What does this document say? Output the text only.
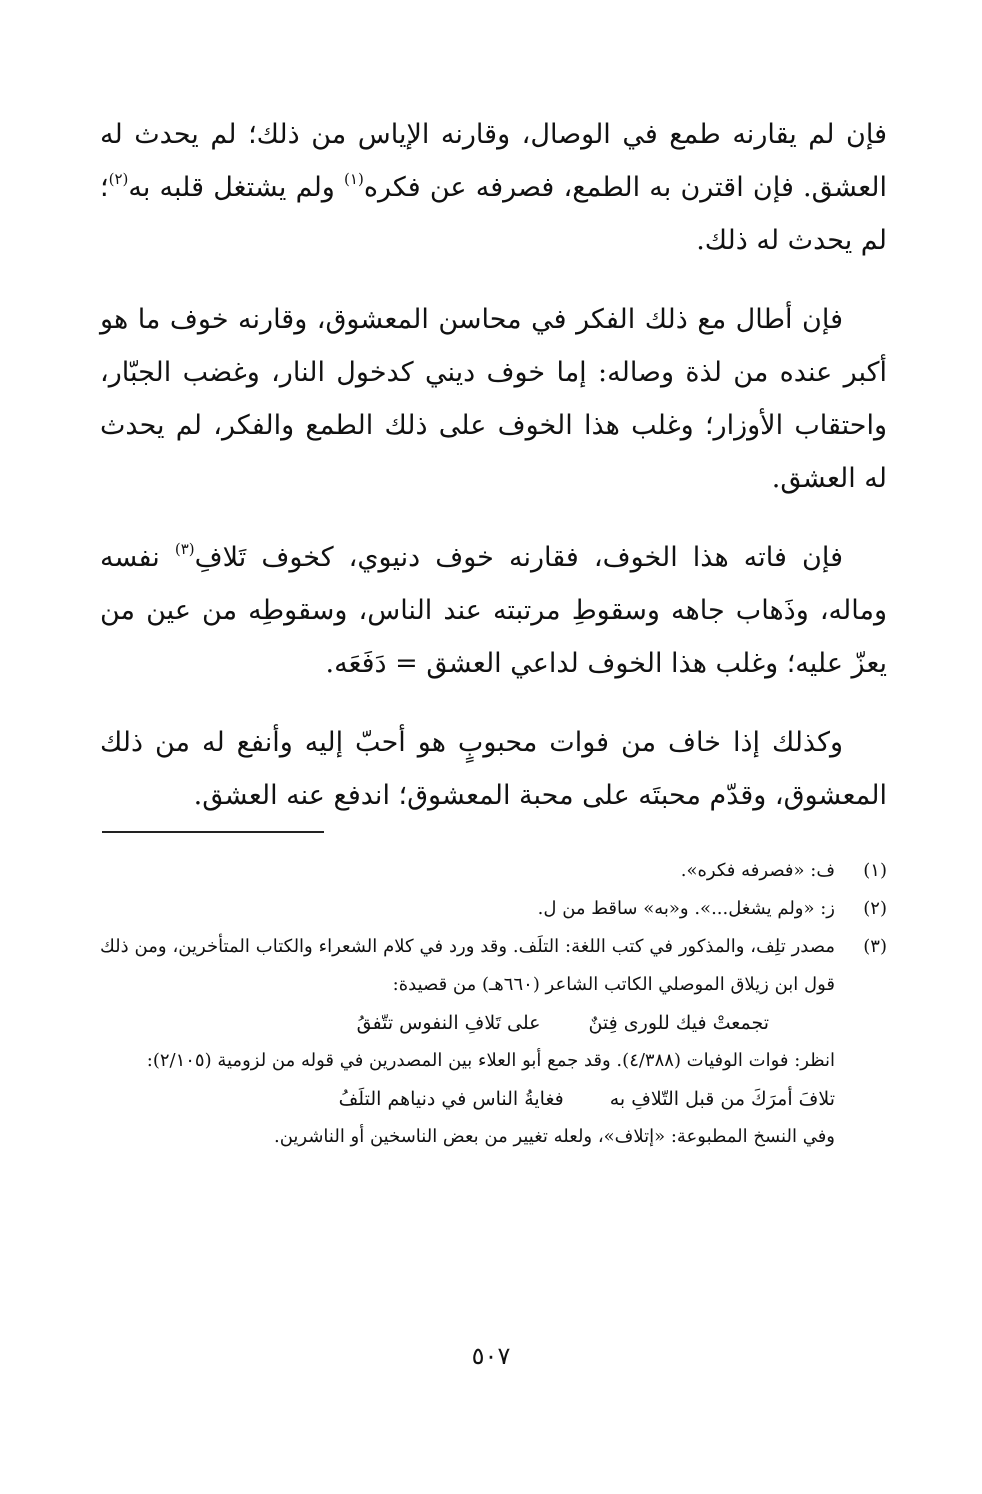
فإن لم يقارنه طمع في الوصال، وقارنه الإياس من ذلك؛ لم يحدث له العشق. فإن اقترن به الطمع، فصرفه عن فكره$^{(١)}$ ولم يشتغل قلبه به$^{(٢)}$؛ لم يحدث له ذلك.

فإن أطال مع ذلك الفكر في محاسن المعشوق، وقارنه خوف ما هو أكبر عنده من لذة وصاله: إما خوف ديني كدخول النار، وغضب الجبّار، واحتقاب الأوزار؛ وغلب هذا الخوف على ذلك الطمع والفكر، لم يحدث له العشق.

فإن فاته هذا الخوف، فقارنه خوف دنيوي، كخوف تَلافِ$^{(٣)}$ نفسه وماله، وذَهاب جاهه وسقوطِ مرتبته عند الناس، وسقوطِه من عين من يعزّ عليه؛ وغلب هذا الخوف لداعي العشق = دَفَعَه.

وكذلك إذا خاف من فوات محبوبٍ هو أحبّ إليه وأنفع له من ذلك المعشوق، وقدّم محبتَه على محبة المعشوق؛ اندفع عنه العشق.

(١)
ف: «فصرفه فكره».
(٢)
ز: «ولم يشغل...». و«به» ساقط من ل.
(٣)
مصدر تلِف، والمذكور في كتب اللغة: التلَف. وقد ورد في كلام الشعراء والكتاب المتأخرين، ومن ذلك قول ابن زيلاق الموصلي الكاتب الشاعر (٦٦٠هـ) من قصيدة:
تجمعتْ فيك للورى فِتنٌ
على تَلافِ النفوس تتّفقُ
انظر: فوات الوفيات (٤/٣٨٨). وقد جمع أبو العلاء بين المصدرين في قوله من لزومية (٢/١٠٥):
تلافَ أمرَكَ من قبل التّلافِ به
فغايةُ الناس في دنياهم التلَفُ
وفي النسخ المطبوعة: «إتلاف»، ولعله تغيير من بعض الناسخين أو الناشرين.
٥٠٧
